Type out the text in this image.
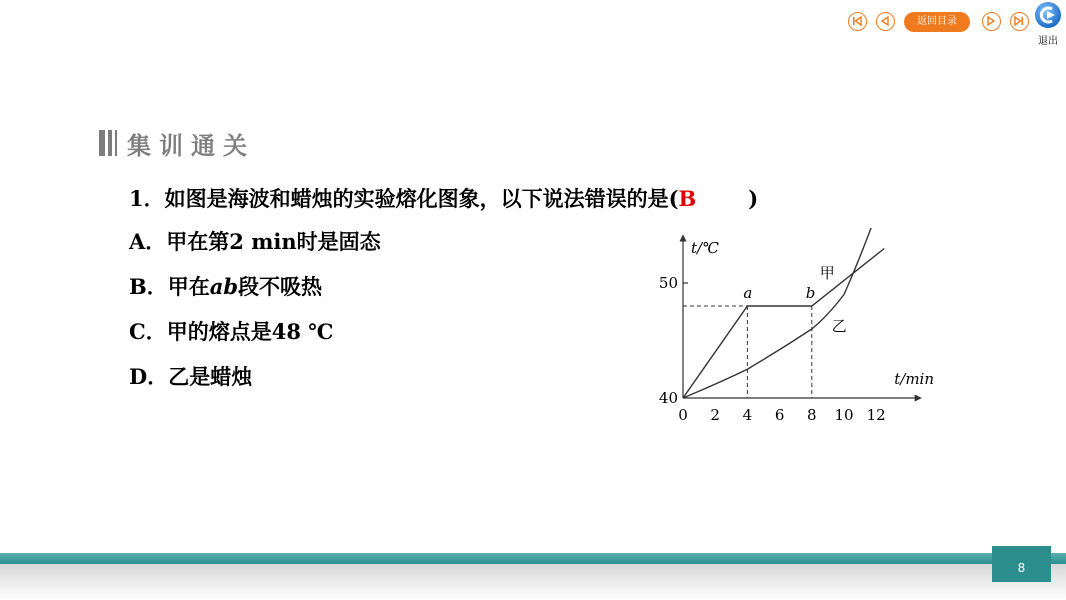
返回目录
退出
集训通关
1．如图是海波和蜡烛的实验熔化图象，以下说法错误的是(B )
A．甲在第2 min时是固态
B．甲在ab段不吸热
C．甲的熔点是48 ℃
D．乙是蜡烛
0 2 4 6 8 10 12
40
50
t/℃
t/min
a	b
甲
乙
8
